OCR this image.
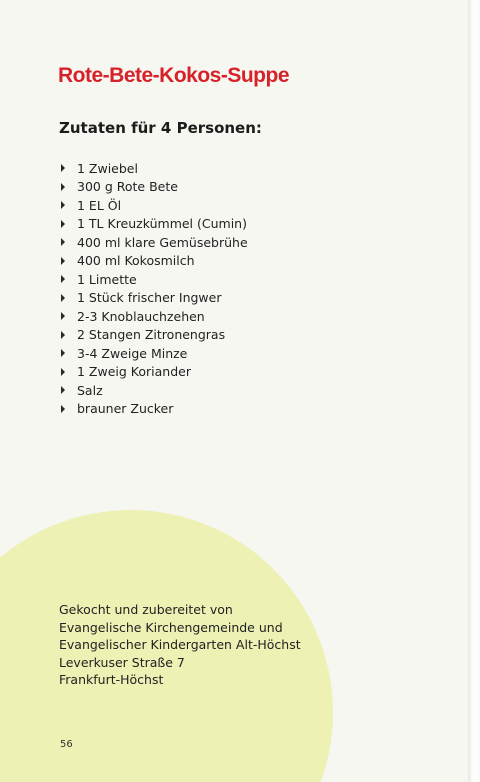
Rote-Bete-Kokos-Suppe
Zutaten für 4 Personen:
1 Zwiebel
300 g Rote Bete
1 EL Öl
1 TL Kreuzkümmel (Cumin)
400 ml klare Gemüsebrühe
400 ml Kokosmilch
1 Limette
1 Stück frischer Ingwer
2-3 Knoblauchzehen
2 Stangen Zitronengras
3-4 Zweige Minze
1 Zweig Koriander
Salz
brauner Zucker
Gekocht und zubereitet von
Evangelische Kirchengemeinde und
Evangelischer Kindergarten Alt-Höchst
Leverkuser Straße 7
Frankfurt-Höchst
56
